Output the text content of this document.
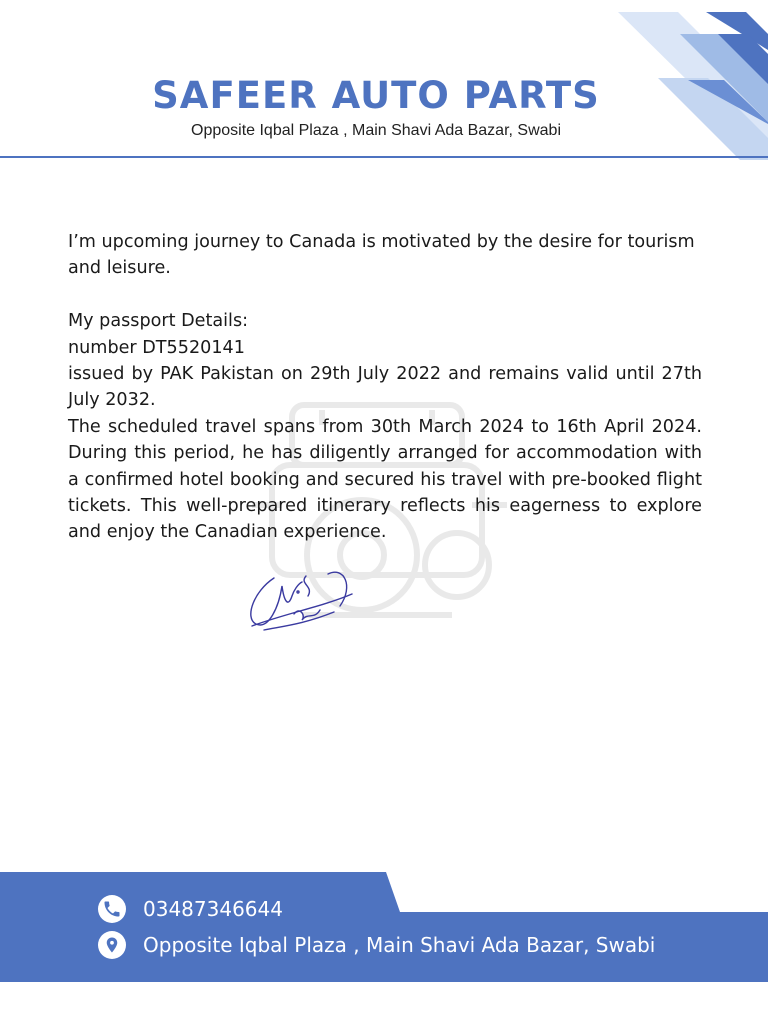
SAFEER AUTO PARTS
Opposite Iqbal Plaza , Main Shavi Ada Bazar, Swabi

I’m upcoming journey to Canada is motivated by the desire for tourism and leisure.

My passport Details:

number DT5520141

issued by PAK Pakistan on 29th July 2022 and remains valid until 27th July 2032.

The scheduled travel spans from 30th March 2024 to 16th April 2024. During this period, he has diligently arranged for accommodation with a confirmed hotel booking and secured his travel with pre-booked flight tickets. This well-prepared itinerary reflects his eagerness to explore and enjoy the Canadian experience.

03487346644
Opposite Iqbal Plaza , Main Shavi Ada Bazar, Swabi
